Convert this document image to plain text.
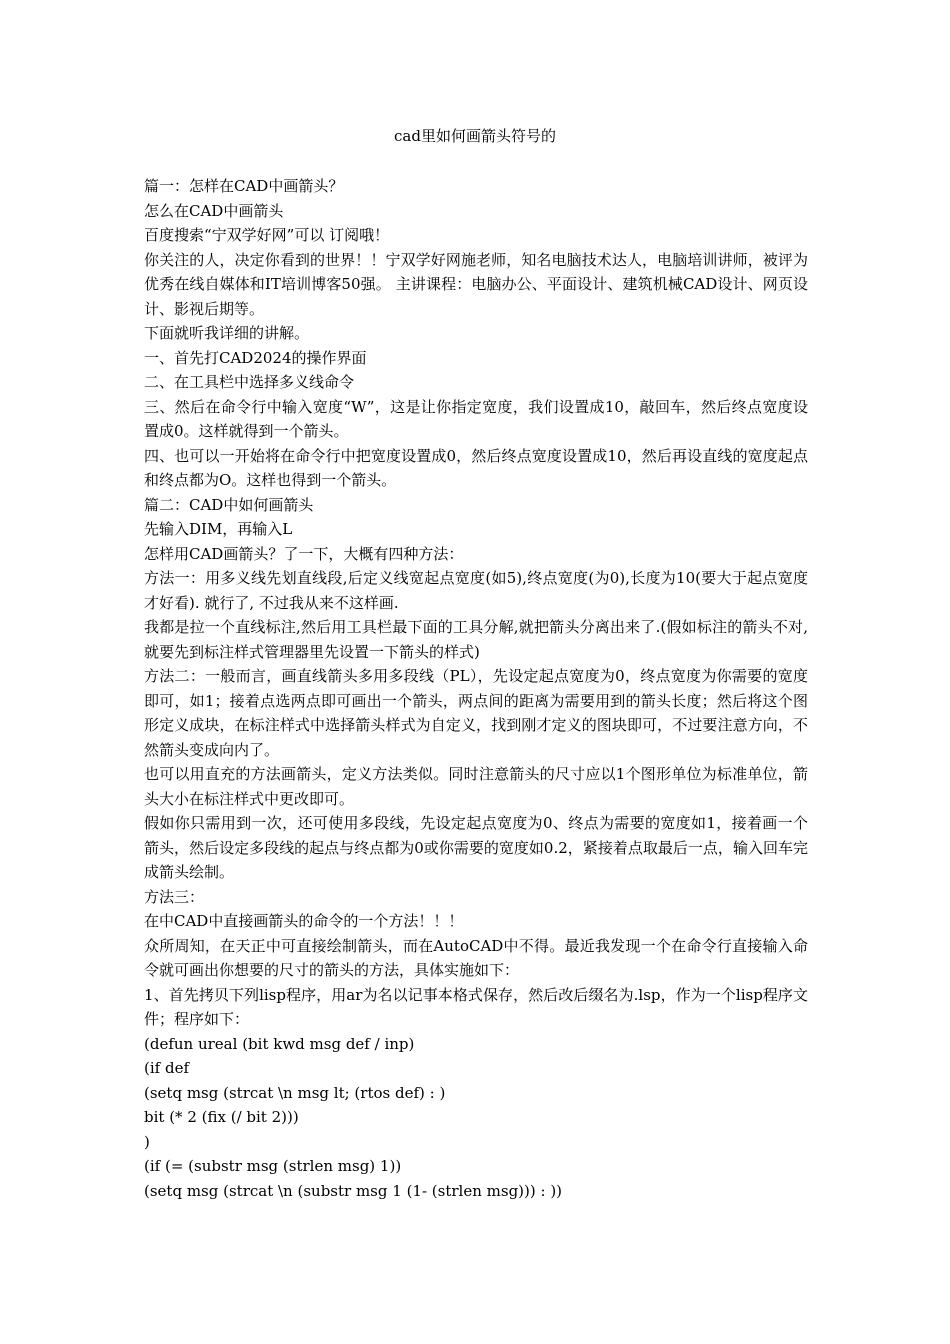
cad里如何画箭头符号的

篇一：怎样在CAD中画箭头？

怎么在CAD中画箭头

百度搜索“宁双学好网”可以 订阅哦！

你关注的人，决定你看到的世界！！宁双学好网施老师，知名电脑技术达人，电脑培训讲师，被评为优秀在线自媒体和IT培训博客50强。 主讲课程：电脑办公、平面设计、建筑机械CAD设计、网页设计、影视后期等。

下面就听我详细的讲解。

一、首先打CAD2024的操作界面

二、在工具栏中选择多义线命令

三、然后在命令行中输入宽度“W”，这是让你指定宽度，我们设置成10，敲回车，然后终点宽度设置成0。这样就得到一个箭头。

四、也可以一开始将在命令行中把宽度设置成0，然后终点宽度设置成10，然后再设直线的宽度起点和终点都为O。这样也得到一个箭头。

篇二：CAD中如何画箭头

先输入DIM，再输入L

怎样用CAD画箭头？了一下，大概有四种方法：

方法一：用多义线先划直线段,后定义线宽起点宽度(如5),终点宽度(为0),长度为10(要大于起点宽度才好看). 就行了, 不过我从来不这样画.

我都是拉一个直线标注,然后用工具栏最下面的工具分解,就把箭头分离出来了.(假如标注的箭头不对,就要先到标注样式管理器里先设置一下箭头的样式)

方法二：一般而言，画直线箭头多用多段线（PL），先设定起点宽度为0，终点宽度为你需要的宽度即可，如1；接着点选两点即可画出一个箭头，两点间的距离为需要用到的箭头长度；然后将这个图形定义成块，在标注样式中选择箭头样式为自定义，找到刚才定义的图块即可，不过要注意方向，不然箭头变成向内了。

也可以用直充的方法画箭头，定义方法类似。同时注意箭头的尺寸应以1个图形单位为标准单位，箭头大小在标注样式中更改即可。

假如你只需用到一次，还可使用多段线，先设定起点宽度为0、终点为需要的宽度如1，接着画一个箭头，然后设定多段线的起点与终点都为0或你需要的宽度如0.2，紧接着点取最后一点，输入回车完成箭头绘制。

方法三：

在中CAD中直接画箭头的命令的一个方法！！！

众所周知，在天正中可直接绘制箭头，而在AutoCAD中不得。最近我发现一个在命令行直接输入命令就可画出你想要的尺寸的箭头的方法，具体实施如下：

1、首先拷贝下列lisp程序，用ar为名以记事本格式保存，然后改后缀名为.lsp，作为一个lisp程序文件；程序如下：

(defun ureal (bit kwd msg def / inp)

(if def

(setq msg (strcat \n msg lt; (rtos def) : )

bit (* 2 (fix (/ bit 2)))

)

(if (= (substr msg (strlen msg) 1))

(setq msg (strcat \n (substr msg 1 (1- (strlen msg))) : ))
